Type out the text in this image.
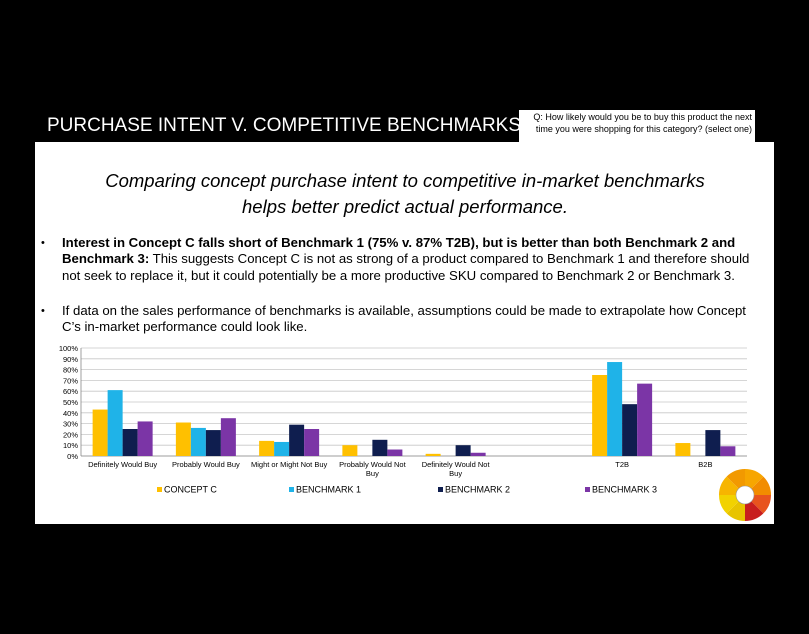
PURCHASE INTENT V. COMPETITIVE BENCHMARKS	Q: How likely would you be to buy this product the next time you were shopping for this category? (select one)
Comparing concept purchase intent to competitive in-market benchmarks
helps better predict actual performance.
• Interest in Concept C falls short of Benchmark 1 (75% v. 87% T2B), but is better than both Benchmark 2 and Benchmark 3: This suggests Concept C is not as strong of a product compared to Benchmark 1 and therefore should not seek to replace it, but it could potentially be a more productive SKU compared to Benchmark 2 or Benchmark 3.
• If data on the sales performance of benchmarks is available, assumptions could be made to extrapolate how Concept C’s in-market performance could look like.
0%
10%
20%
30%
40%
50%
60%
70%
80%
90%
100%
Definitely Would Buy Probably Would Buy Might or Might Not Buy Probably Would Not
Buy
Definitely Would Not
Buy
T2B	B2B
CONCEPT C	BENCHMARK 1	BENCHMARK 2	BENCHMARK 3
